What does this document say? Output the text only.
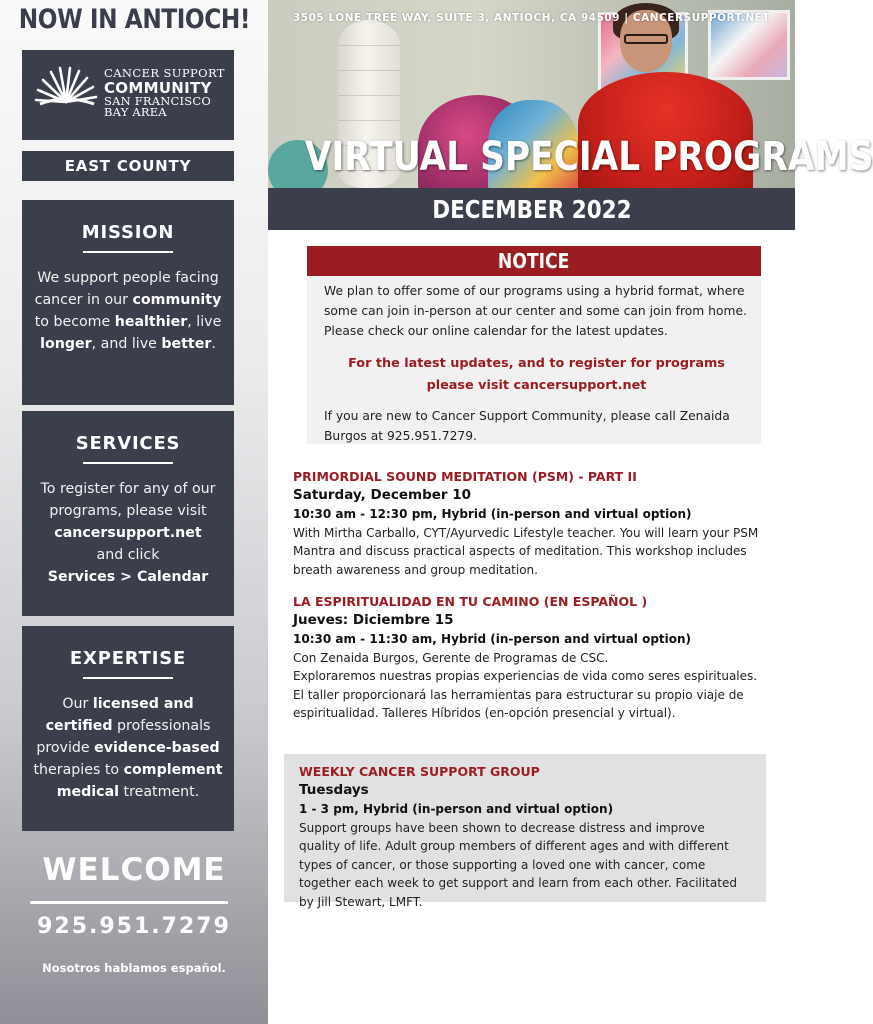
NOW IN ANTIOCH!
CANCER SUPPORT
COMMUNITY
SAN FRANCISCO
BAY AREA
EAST COUNTY
MISSION
We support people facing cancer in our community to become healthier, live longer, and live better.
SERVICES
To register for any of our programs, please visit cancersupport.net
and click
Services > Calendar
EXPERTISE
Our licensed and certified professionals provide evidence-based therapies to complement medical treatment.
WELCOME
925.951.7279
Nosotros hablamos español.
3505 LONE TREE WAY, SUITE 3, ANTIOCH, CA 94509 | CANCERSUPPORT.NET
VIRTUAL SPECIAL PROGRAMS
DECEMBER 2022
NOTICE
We plan to offer some of our programs using a hybrid format, where some can join in-person at our center and some can join from home. Please check our online calendar for the latest updates.
For the latest updates, and to register for programs
please visit cancersupport.net
If you are new to Cancer Support Community, please call Zenaida Burgos at 925.951.7279.
PRIMORDIAL SOUND MEDITATION (PSM) - PART II
Saturday, December 10
10:30 am - 12:30 pm, Hybrid (in-person and virtual option)
With Mirtha Carballo, CYT/Ayurvedic Lifestyle teacher. You will learn your PSM Mantra and discuss practical aspects of meditation. This workshop includes breath awareness and group meditation.
LA ESPIRITUALIDAD EN TU CAMINO (EN ESPAÑOL )
Jueves: Diciembre 15
10:30 am - 11:30 am, Hybrid (in-person and virtual option)
Con Zenaida Burgos, Gerente de Programas de CSC.
Exploraremos nuestras propias experiencias de vida como seres espirituales. El taller proporcionará las herramientas para estructurar su propio viaje de espiritualidad. Talleres Híbridos (en-opción presencial y virtual).
WEEKLY CANCER SUPPORT GROUP
Tuesdays
1 - 3 pm, Hybrid (in-person and virtual option)
Support groups have been shown to decrease distress and improve quality of life. Adult group members of different ages and with different types of cancer, or those supporting a loved one with cancer, come together each week to get support and learn from each other. Facilitated by Jill Stewart, LMFT.
